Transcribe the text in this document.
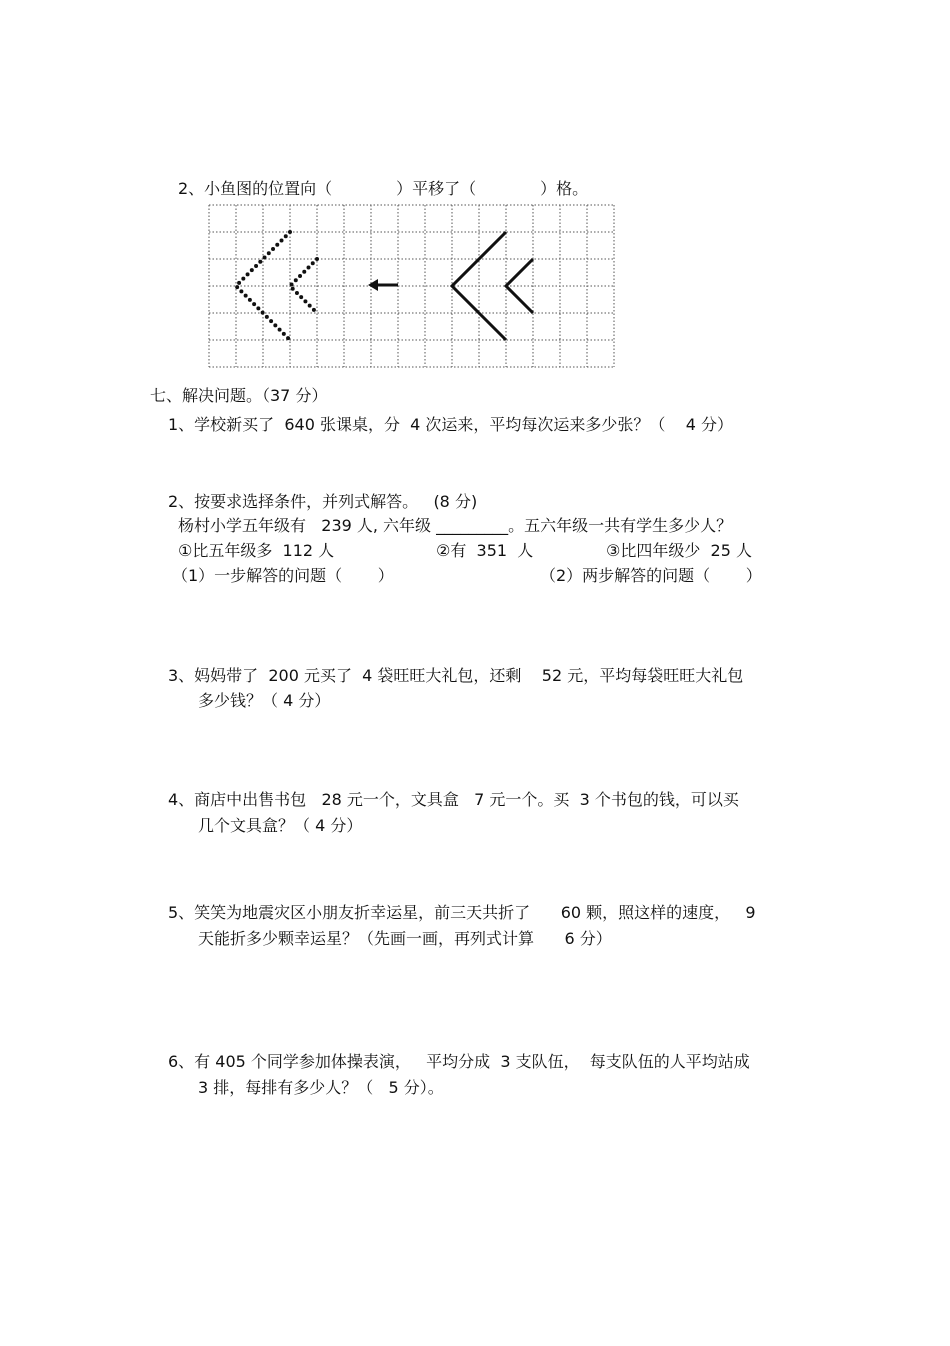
2、小鱼图的位置向（　　　　）平移了（　　　　）格。
七、解决问题。（37 分）
1、学校新买了  640 张课桌，分  4 次运来，平均每次运来多少张？（    4 分）
2、按要求选择条件，并列式解答。   (8 分)
杨村小学五年级有   239 人, 六年级 _________。五六年级一共有学生多少人？
①比五年级多  112 人	②有  351  人	③比四年级少  25 人
（1）一步解答的问题（       ）	（2）两步解答的问题（       ）
3、妈妈带了  200 元买了  4 袋旺旺大礼包，还剩    52 元，平均每袋旺旺大礼包
多少钱？（ 4 分）
4、商店中出售书包   28 元一个，文具盒   7 元一个。买  3 个书包的钱，可以买
几个文具盒？（ 4 分）
5、笑笑为地震灾区小朋友折幸运星，前三天共折了      60 颗，照这样的速度，   9
天能折多少颗幸运星？（先画一画，再列式计算      6 分）
6、有 405 个同学参加体操表演，   平均分成  3 支队伍，  每支队伍的人平均站成
3 排，每排有多少人？（   5 分）。
